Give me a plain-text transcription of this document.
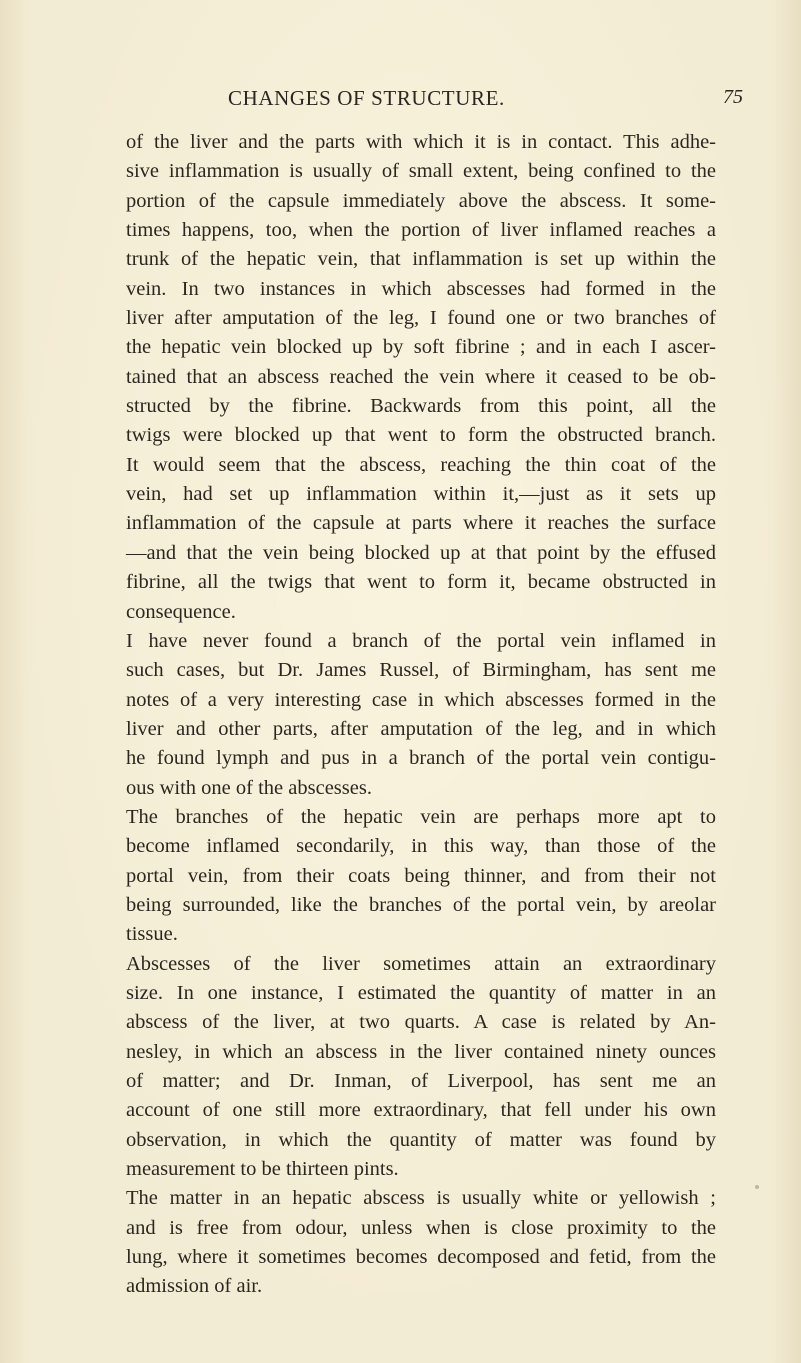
CHANGES OF STRUCTURE.	75
of the liver and the parts with which it is in contact. This adhe-
sive inflammation is usually of small extent, being confined to the
portion of the capsule immediately above the abscess. It some-
times happens, too, when the portion of liver inflamed reaches a
trunk of the hepatic vein, that inflammation is set up within the
vein. In two instances in which abscesses had formed in the
liver after amputation of the leg, I found one or two branches of
the hepatic vein blocked up by soft fibrine ; and in each I ascer-
tained that an abscess reached the vein where it ceased to be ob-
structed by the fibrine. Backwards from this point, all the
twigs were blocked up that went to form the obstructed branch.
It would seem that the abscess, reaching the thin coat of the
vein, had set up inflammation within it,—just as it sets up
inflammation of the capsule at parts where it reaches the surface
—and that the vein being blocked up at that point by the effused
fibrine, all the twigs that went to form it, became obstructed in
consequence.
I have never found a branch of the portal vein inflamed in
such cases, but Dr. James Russel, of Birmingham, has sent me
notes of a very interesting case in which abscesses formed in the
liver and other parts, after amputation of the leg, and in which
he found lymph and pus in a branch of the portal vein contigu-
ous with one of the abscesses.
The branches of the hepatic vein are perhaps more apt to
become inflamed secondarily, in this way, than those of the
portal vein, from their coats being thinner, and from their not
being surrounded, like the branches of the portal vein, by areolar
tissue.
Abscesses of the liver sometimes attain an extraordinary
size. In one instance, I estimated the quantity of matter in an
abscess of the liver, at two quarts. A case is related by An-
nesley, in which an abscess in the liver contained ninety ounces
of matter; and Dr. Inman, of Liverpool, has sent me an
account of one still more extraordinary, that fell under his own
observation, in which the quantity of matter was found by
measurement to be thirteen pints.
The matter in an hepatic abscess is usually white or yellowish ;
and is free from odour, unless when is close proximity to the
lung, where it sometimes becomes decomposed and fetid, from the
admission of air.
